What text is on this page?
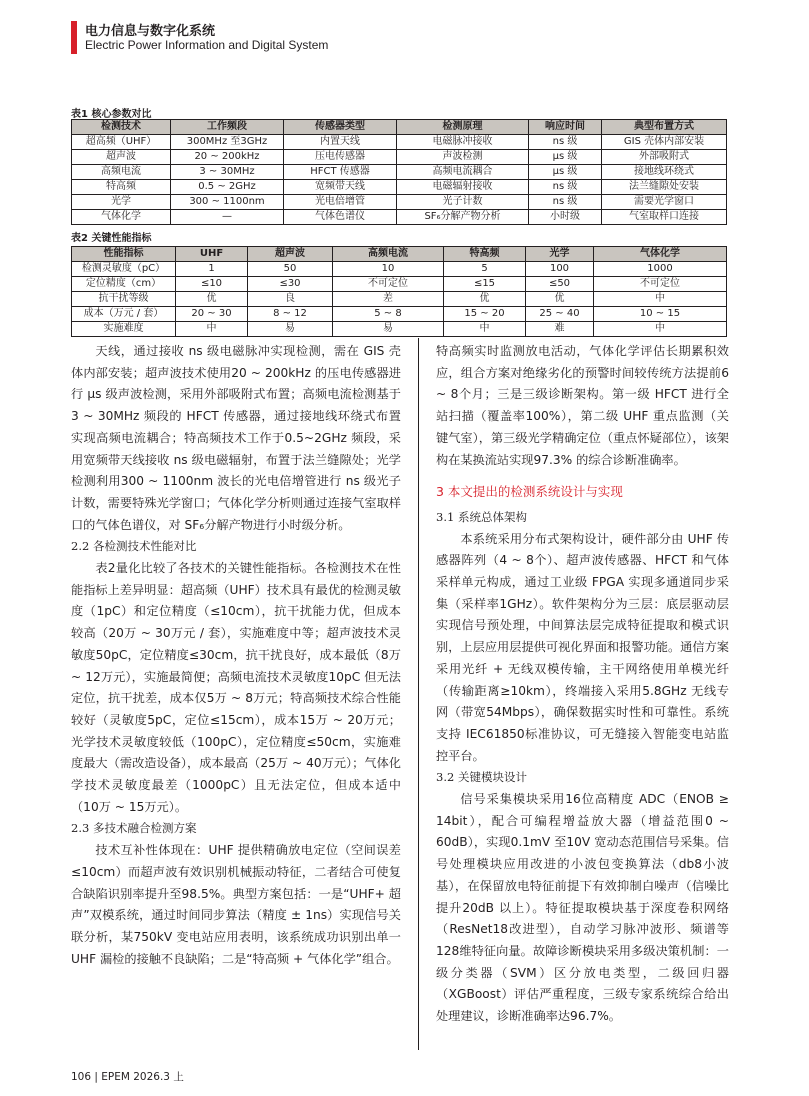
电力信息与数字化系统
Electric Power Information and Digital System
表1 核心参数对比
检测技术	工作频段	传感器类型	检测原理	响应时间	典型布置方式
超高频（UHF）	300MHz 至3GHz	内置天线	电磁脉冲接收	ns 级	GIS 壳体内部安装
超声波	20 ~ 200kHz	压电传感器	声波检测	μs 级	外部吸附式
高频电流	3 ~ 30MHz	HFCT 传感器	高频电流耦合	μs 级	接地线环绕式
特高频	0.5 ~ 2GHz	宽频带天线	电磁辐射接收	ns 级	法兰缝隙处安装
光学	300 ~ 1100nm	光电倍增管	光子计数	ns 级	需要光学窗口
气体化学	—	气体色谱仪	SF₆分解产物分析	小时级	气室取样口连接
表2 关键性能指标
性能指标	UHF	超声波	高频电流	特高频	光学	气体化学
检测灵敏度（pC）	1	50	10	5	100	1000
定位精度（cm）	≤10	≤30	不可定位	≤15	≤50	不可定位
抗干扰等级	优	良	差	优	优	中
成本（万元 / 套）	20 ~ 30	8 ~ 12	5 ~ 8	15 ~ 20	25 ~ 40	10 ~ 15
实施难度	中	易	易	中	难	中

天线，通过接收 ns 级电磁脉冲实现检测，需在 GIS 壳体内部安装；超声波技术使用20 ~ 200kHz 的压电传感器进行 μs 级声波检测，采用外部吸附式布置；高频电流检测基于3 ~ 30MHz 频段的 HFCT 传感器，通过接地线环绕式布置实现高频电流耦合；特高频技术工作于0.5~2GHz 频段，采用宽频带天线接收 ns 级电磁辐射，布置于法兰缝隙处；光学检测利用300 ~ 1100nm 波长的光电倍增管进行 ns 级光子计数，需要特殊光学窗口；气体化学分析则通过连接气室取样口的气体色谱仪，对 SF₆分解产物进行小时级分析。

2.2 各检测技术性能对比

表2量化比较了各技术的关键性能指标。各检测技术在性能指标上差异明显：超高频（UHF）技术具有最优的检测灵敏度（1pC）和定位精度（≤10cm），抗干扰能力优，但成本较高（20万 ~ 30万元 / 套），实施难度中等；超声波技术灵敏度50pC，定位精度≤30cm，抗干扰良好，成本最低（8万 ~ 12万元），实施最简便；高频电流技术灵敏度10pC 但无法定位，抗干扰差，成本仅5万 ~ 8万元；特高频技术综合性能较好（灵敏度5pC，定位≤15cm），成本15万 ~ 20万元；光学技术灵敏度较低（100pC），定位精度≤50cm，实施难度最大（需改造设备），成本最高（25万 ~ 40万元）；气体化学技术灵敏度最差（1000pC）且无法定位，但成本适中（10万 ~ 15万元）。

2.3 多技术融合检测方案

技术互补性体现在：UHF 提供精确放电定位（空间误差≤10cm）而超声波有效识别机械振动特征，二者结合可使复合缺陷识别率提升至98.5%。典型方案包括：一是“UHF+ 超声”双模系统，通过时间同步算法（精度 ± 1ns）实现信号关联分析，某750kV 变电站应用表明，该系统成功识别出单一 UHF 漏检的接触不良缺陷；二是“特高频 + 气体化学”组合。

特高频实时监测放电活动，气体化学评估长期累积效应，组合方案对绝缘劣化的预警时间较传统方法提前6 ~ 8个月；三是三级诊断架构。第一级 HFCT 进行全站扫描（覆盖率100%），第二级 UHF 重点监测（关键气室），第三级光学精确定位（重点怀疑部位），该架构在某换流站实现97.3% 的综合诊断准确率。

3 本文提出的检测系统设计与实现

3.1 系统总体架构

本系统采用分布式架构设计，硬件部分由 UHF 传感器阵列（4 ~ 8个）、超声波传感器、HFCT 和气体采样单元构成，通过工业级 FPGA 实现多通道同步采集（采样率1GHz）。软件架构分为三层：底层驱动层实现信号预处理，中间算法层完成特征提取和模式识别，上层应用层提供可视化界面和报警功能。通信方案采用光纤 + 无线双模传输，主干网络使用单模光纤（传输距离≥10km），终端接入采用5.8GHz 无线专网（带宽54Mbps），确保数据实时性和可靠性。系统支持 IEC61850标准协议，可无缝接入智能变电站监控平台。

3.2 关键模块设计

信号采集模块采用16位高精度 ADC（ENOB ≥ 14bit），配合可编程增益放大器（增益范围0 ~ 60dB），实现0.1mV 至10V 宽动态范围信号采集。信号处理模块应用改进的小波包变换算法（db8小波基），在保留放电特征前提下有效抑制白噪声（信噪比提升20dB 以上）。特征提取模块基于深度卷积网络（ResNet18改进型），自动学习脉冲波形、频谱等128维特征向量。故障诊断模块采用多级决策机制：一级分类器（SVM）区分放电类型，二级回归器（XGBoost）评估严重程度，三级专家系统综合给出处理建议，诊断准确率达96.7%。

106 | EPEM 2026.3 上
